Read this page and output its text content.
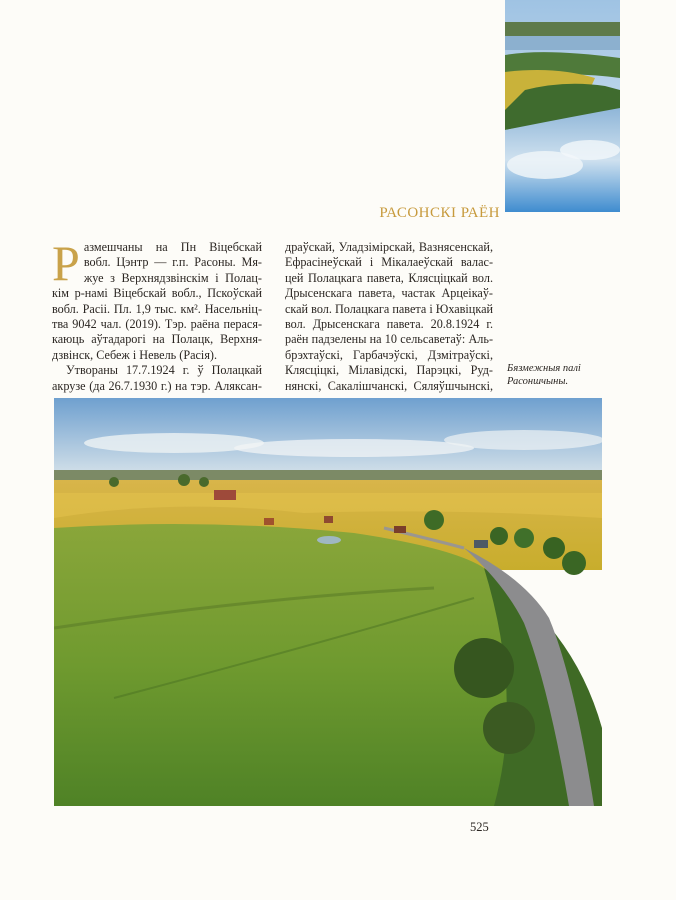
РАСОНСКІ РАЁН
Р азмешчаны на Пн Віцебскай
вобл. Цэнтр — г.п. Расоны. Мя-
жуе з Верхнядзвінскім і Полац-
кім р-намі Віцебскай вобл., Пскоўскай
вобл. Расіі. Пл. 1,9 тыс. км². Насельніц-
тва 9042 чал. (2019). Тэр. раёна перася-
каюць аўтадарогі на Полацк, Верхня-
дзвінск, Себеж і Невель (Расія).

Утвораны 17.7.1924 г. ў Полацкай
акрузе (да 26.7.1930 г.) на тэр. Аляксан-

драўскай, Уладзімірскай, Вазнясенскай,
Ефрасінеўскай і Мікалаеўскай валас-
цей Полацкага павета, Клясціцкай вол.
Дрысенскага павета, частак Арцеікаў-
скай вол. Полацкага павета і Юхавіцкай
вол. Дрысенскага павета. 20.8.1924 г.
раён падзелены на 10 сельсаветаў: Аль-
брэхтаўскі, Гарбачэўскі, Дзмітраўскі,
Клясціцкі, Мілавідскі, Парэцкі, Руд-
нянскі, Сакалішчанскі, Сяляўшчынскі,

Бязмежныя палі
Расоншчыны.
525
